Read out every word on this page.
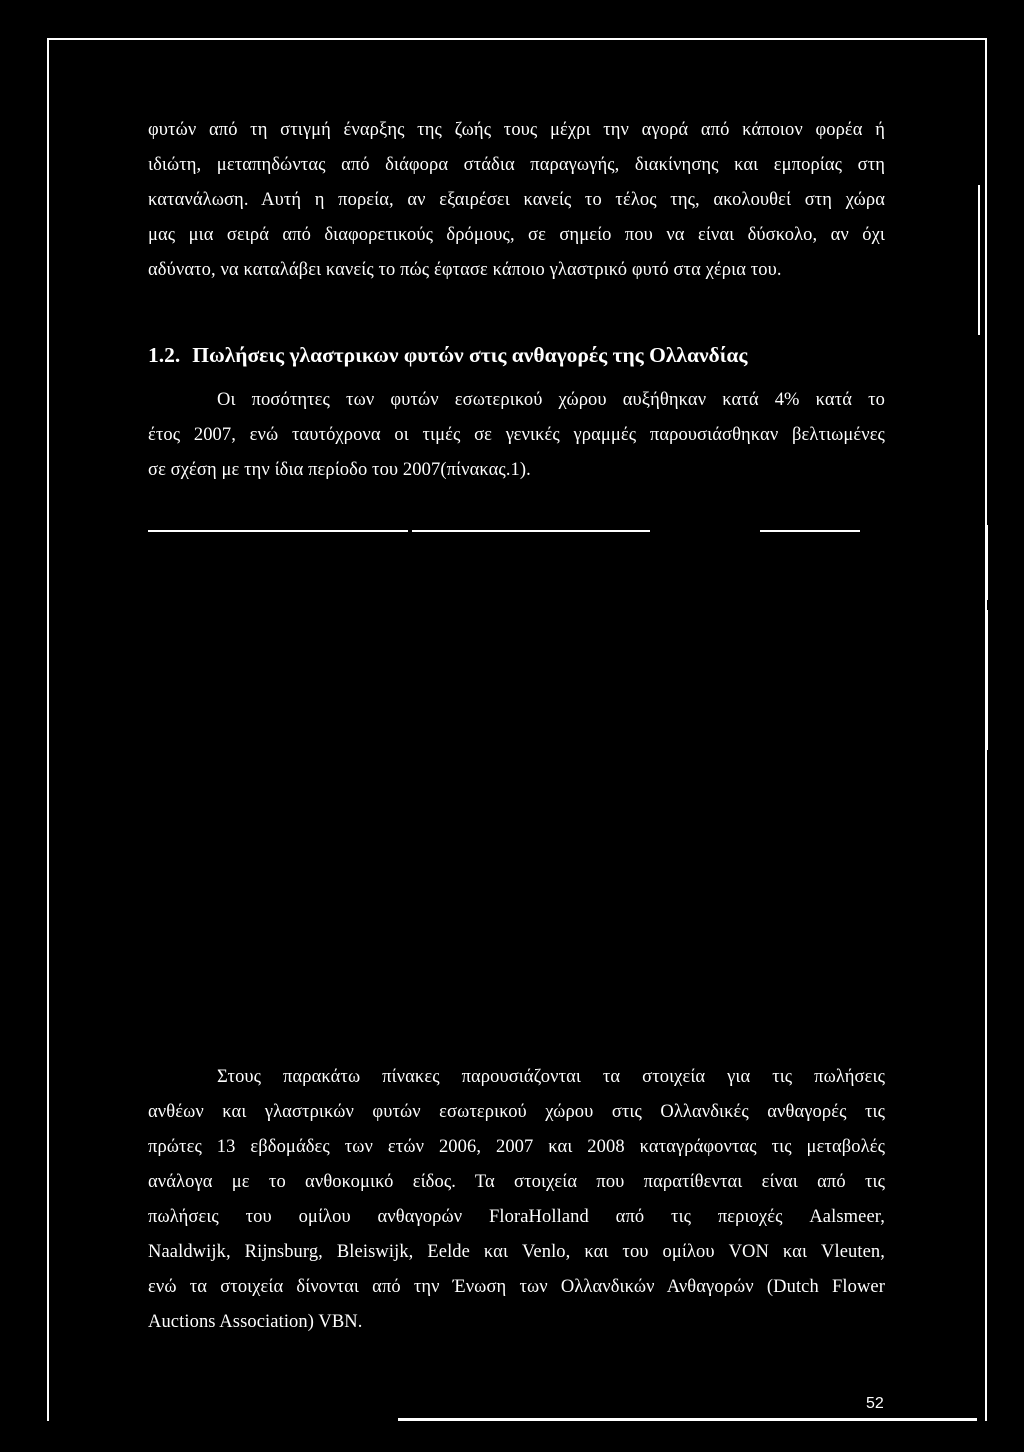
φυτών από τη στιγμή έναρξης της ζωής τους μέχρι την αγορά από κάποιον φορέα ή
ιδιώτη, μεταπηδώντας από διάφορα στάδια παραγωγής, διακίνησης και εμπορίας στη
κατανάλωση. Αυτή η πορεία, αν εξαιρέσει κανείς το τέλος της, ακολουθεί στη χώρα
μας μια σειρά από διαφορετικούς δρόμους, σε σημείο που να είναι δύσκολο, αν όχι
αδύνατο, να καταλάβει κανείς το πώς έφτασε κάποιο γλαστρικό φυτό στα χέρια του.
1.2. Πωλήσεις γλαστρικων φυτών στις ανθαγορές της Ολλανδίας
Οι ποσότητες των φυτών εσωτερικού χώρου αυξήθηκαν κατά 4% κατά το
έτος 2007, ενώ ταυτόχρονα οι τιμές σε γενικές γραμμές παρουσιάσθηκαν βελτιωμένες
σε σχέση με την ίδια περίοδο του 2007(πίνακας.1).
Στους παρακάτω πίνακες παρουσιάζονται τα στοιχεία για τις πωλήσεις
ανθέων και γλαστρικών φυτών εσωτερικού χώρου στις Ολλανδικές ανθαγορές τις
πρώτες 13 εβδομάδες των ετών 2006, 2007 και 2008 καταγράφοντας τις μεταβολές
ανάλογα με το ανθοκομικό είδος. Τα στοιχεία που παρατίθενται είναι από τις
πωλήσεις του ομίλου ανθαγορών FloraHolland από τις περιοχές Aalsmeer,
Naaldwijk, Rijnsburg, Bleiswijk, Eelde και Venlo, και του ομίλου VON και Vleuten,
ενώ τα στοιχεία δίνονται από την Ένωση των Ολλανδικών Ανθαγορών (Dutch Flower
Auctions Association) VBN.
52
